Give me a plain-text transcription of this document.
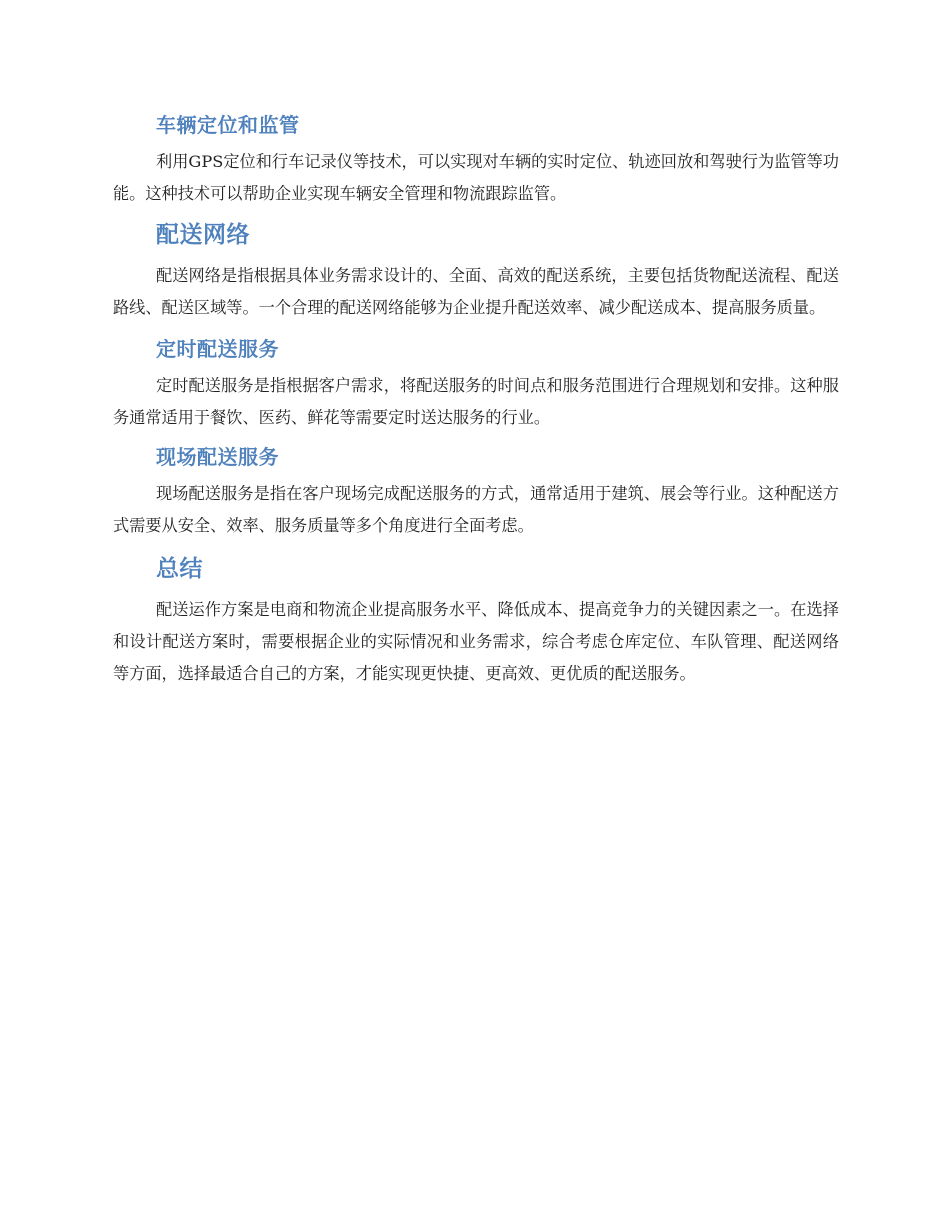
车辆定位和监管

利用GPS定位和行车记录仪等技术，可以实现对车辆的实时定位、轨迹回放和驾驶行为监管等功能。这种技术可以帮助企业实现车辆安全管理和物流跟踪监管。

配送网络

配送网络是指根据具体业务需求设计的、全面、高效的配送系统，主要包括货物配送流程、配送路线、配送区域等。一个合理的配送网络能够为企业提升配送效率、减少配送成本、提高服务质量。

定时配送服务

定时配送服务是指根据客户需求，将配送服务的时间点和服务范围进行合理规划和安排。这种服务通常适用于餐饮、医药、鲜花等需要定时送达服务的行业。

现场配送服务

现场配送服务是指在客户现场完成配送服务的方式，通常适用于建筑、展会等行业。这种配送方式需要从安全、效率、服务质量等多个角度进行全面考虑。

总结

配送运作方案是电商和物流企业提高服务水平、降低成本、提高竞争力的关键因素之一。在选择和设计配送方案时，需要根据企业的实际情况和业务需求，综合考虑仓库定位、车队管理、配送网络等方面，选择最适合自己的方案，才能实现更快捷、更高效、更优质的配送服务。
